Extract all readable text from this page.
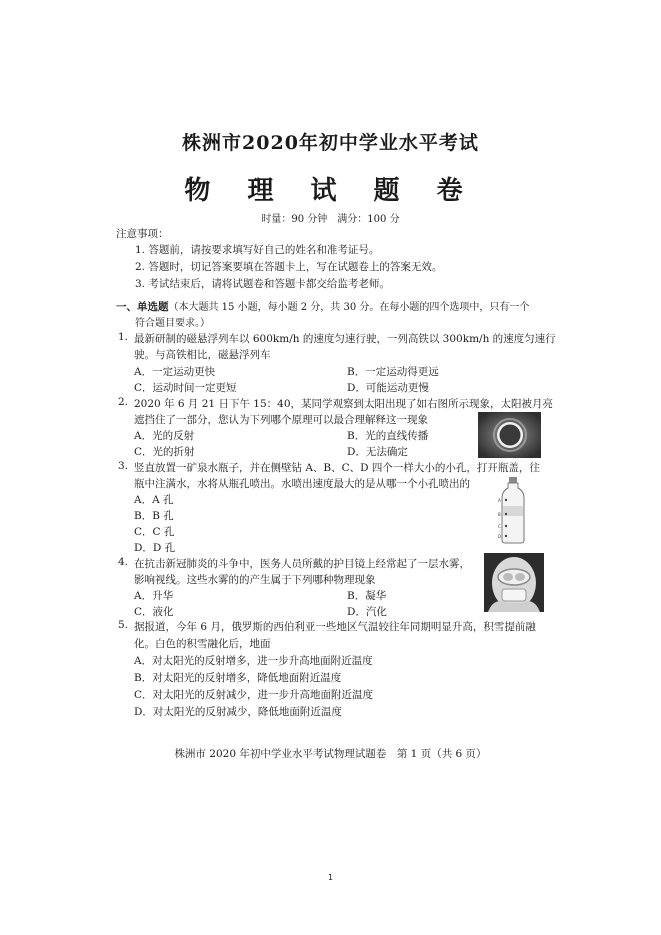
株洲市2020年初中学业水平考试
物 理 试 题 卷
时量：90 分钟　满分：100 分
注意事项：
1. 答题前，请按要求填写好自己的姓名和准考证号。
2. 答题时，切记答案要填在答题卡上，写在试题卷上的答案无效。
3. 考试结束后，请将试题卷和答题卡都交给监考老师。
一、单选题（本大题共 15 小题，每小题 2 分，共 30 分。在每小题的四个选项中，只有一个
符合题目要求。）
1. 最新研制的磁悬浮列车以 600km/h 的速度匀速行驶，一列高铁以 300km/h 的速度匀速行
驶。与高铁相比，磁悬浮列车
A．一定运动更快	B．一定运动得更远
C．运动时间一定更短	D．可能运动更慢
2. 2020 年 6 月 21 日下午 15：40，某同学观察到太阳出现了如右图所示现象，太阳被月亮
遮挡住了一部分，您认为下列哪个原理可以最合理解释这一现象
A．光的反射	B．光的直线传播
C．光的折射	D．无法确定
3. 竖直放置一矿泉水瓶子，并在侧壁钻 A、B、C、D 四个一样大小的小孔，打开瓶盖，往
瓶中注满水，水将从瓶孔喷出。水喷出速度最大的是从哪一个小孔喷出的
A．A 孔
B．B 孔
C．C 孔
D．D 孔
A
B
C
D
4. 在抗击新冠肺炎的斗争中，医务人员所戴的护目镜上经常起了一层水雾，
影响视线。这些水雾的的产生属于下列哪种物理现象
A．升华	B．凝华
C．液化	D．汽化
5. 据报道，今年 6 月，俄罗斯的西伯利亚一些地区气温较往年同期明显升高，积雪提前融
化。白色的积雪融化后，地面
A．对太阳光的反射增多，进一步升高地面附近温度
B．对太阳光的反射增多，降低地面附近温度
C．对太阳光的反射减少，进一步升高地面附近温度
D．对太阳光的反射减少，降低地面附近温度
株洲市 2020 年初中学业水平考试物理试题卷　第 1 页（共 6 页）
1
